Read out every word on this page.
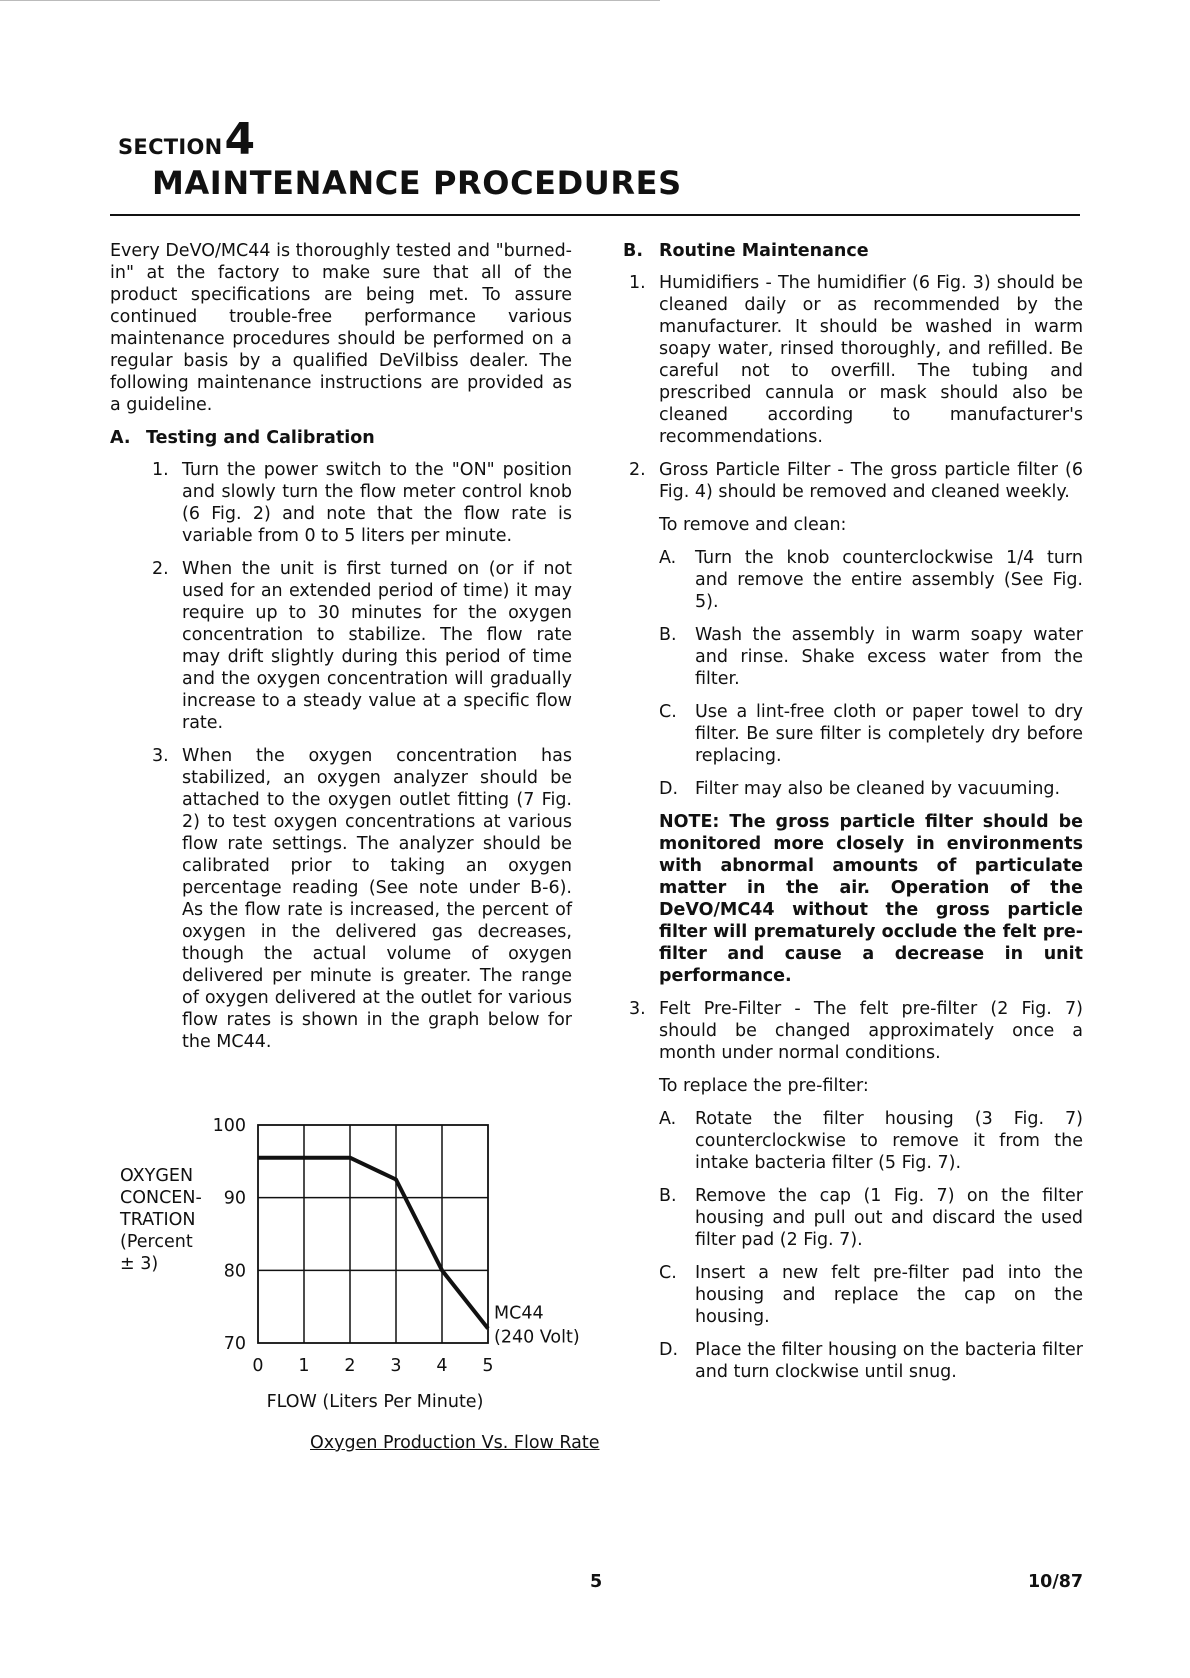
SECTION 4
MAINTENANCE PROCEDURES

Every DeVO/MC44 is thoroughly tested and "burned-in" at the factory to make sure that all of the product specifications are being met. To assure continued trouble-free performance various maintenance procedures should be performed on a regular basis by a qualified DeVilbiss dealer. The following maintenance instructions are provided as a guideline.

A. Testing and Calibration
1. Turn the power switch to the "ON" position and slowly turn the flow meter control knob (6 Fig. 2) and note that the flow rate is variable from 0 to 5 liters per minute.
2. When the unit is first turned on (or if not used for an extended period of time) it may require up to 30 minutes for the oxygen concentration to stabilize. The flow rate may drift slightly during this period of time and the oxygen concentration will gradually increase to a steady value at a specific flow rate.
3. When the oxygen concentration has stabilized, an oxygen analyzer should be attached to the oxygen outlet fitting (7 Fig. 2) to test oxygen concentrations at various flow rate settings. The analyzer should be calibrated prior to taking an oxygen percentage reading (See note under B-6). As the flow rate is increased, the percent of oxygen in the delivered gas decreases, though the actual volume of oxygen delivered per minute is greater. The range of oxygen delivered at the outlet for various flow rates is shown in the graph below for the MC44.
OXYGEN
CONCEN-
TRATION
(Percent
± 3)
100
90
80
70
0 1 2 3 4 5
FLOW (Liters Per Minute)
MC44
(240 Volt)
Oxygen Production Vs. Flow Rate
B. Routine Maintenance
1. Humidifiers - The humidifier (6 Fig. 3) should be cleaned daily or as recommended by the manufacturer. It should be washed in warm soapy water, rinsed thoroughly, and refilled. Be careful not to overfill. The tubing and prescribed cannula or mask should also be cleaned according to manufacturer's recommendations.
2. Gross Particle Filter - The gross particle filter (6 Fig. 4) should be removed and cleaned weekly.

To remove and clean:

A.	Turn the knob counterclockwise 1/4 turn and remove the entire assembly (See Fig. 5).
B.	Wash the assembly in warm soapy water and rinse. Shake excess water from the filter.
C.	Use a lint-free cloth or paper towel to dry filter. Be sure filter is completely dry before replacing.
D. Filter may also be cleaned by vacuuming.

NOTE: The gross particle filter should be monitored more closely in environments with abnormal amounts of particulate matter in the air. Operation of the DeVO/MC44 without the gross particle filter will prematurely occlude the felt pre-filter and cause a decrease in unit performance.

3. Felt Pre-Filter - The felt pre-filter (2 Fig. 7) should be changed approximately once a month under normal conditions.

To replace the pre-filter:

A.	Rotate the filter housing (3 Fig. 7) counterclockwise to remove it from the intake bacteria filter (5 Fig. 7).
B.	Remove the cap (1 Fig. 7) on the filter housing and pull out and discard the used filter pad (2 Fig. 7).
C.	Insert a new felt pre-filter pad into the housing and replace the cap on the housing.
D. Place the filter housing on the bacteria filter and turn clockwise until snug.
5	10/87
